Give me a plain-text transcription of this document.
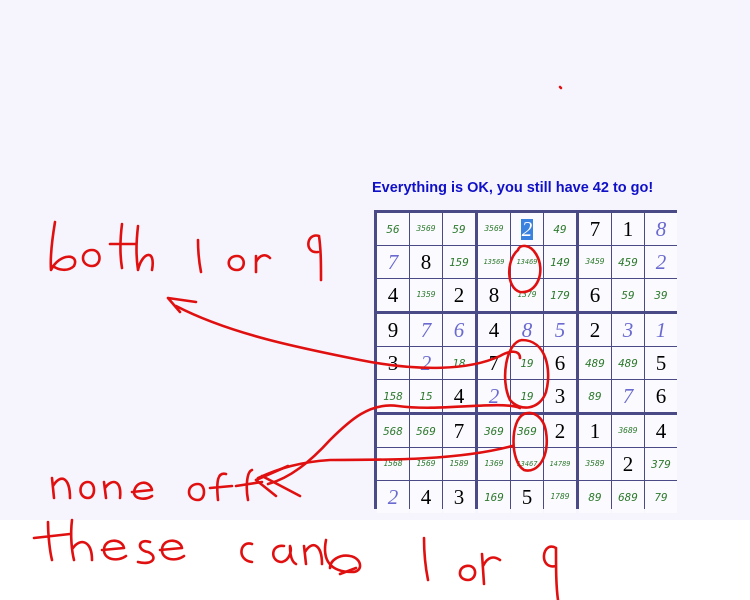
Everything is OK, you still have 42 to go!
56 3569 59 3569 2 49 7 1 8
7 8 159 13569 13469 149 3459 459 2
4 1359 2 8 1379 179 6 59 39
9 7 6 4 8 5 2 3 1
3 2 18 7 19 6 489 489 5
158 15 4 2 19 3 89 7 6
568 569 7 369 369 2 1 3689 4
1568 1569 1589 1369 13467 14789 3589 2 379
2 4 3 169 5 1789 89 689 79
